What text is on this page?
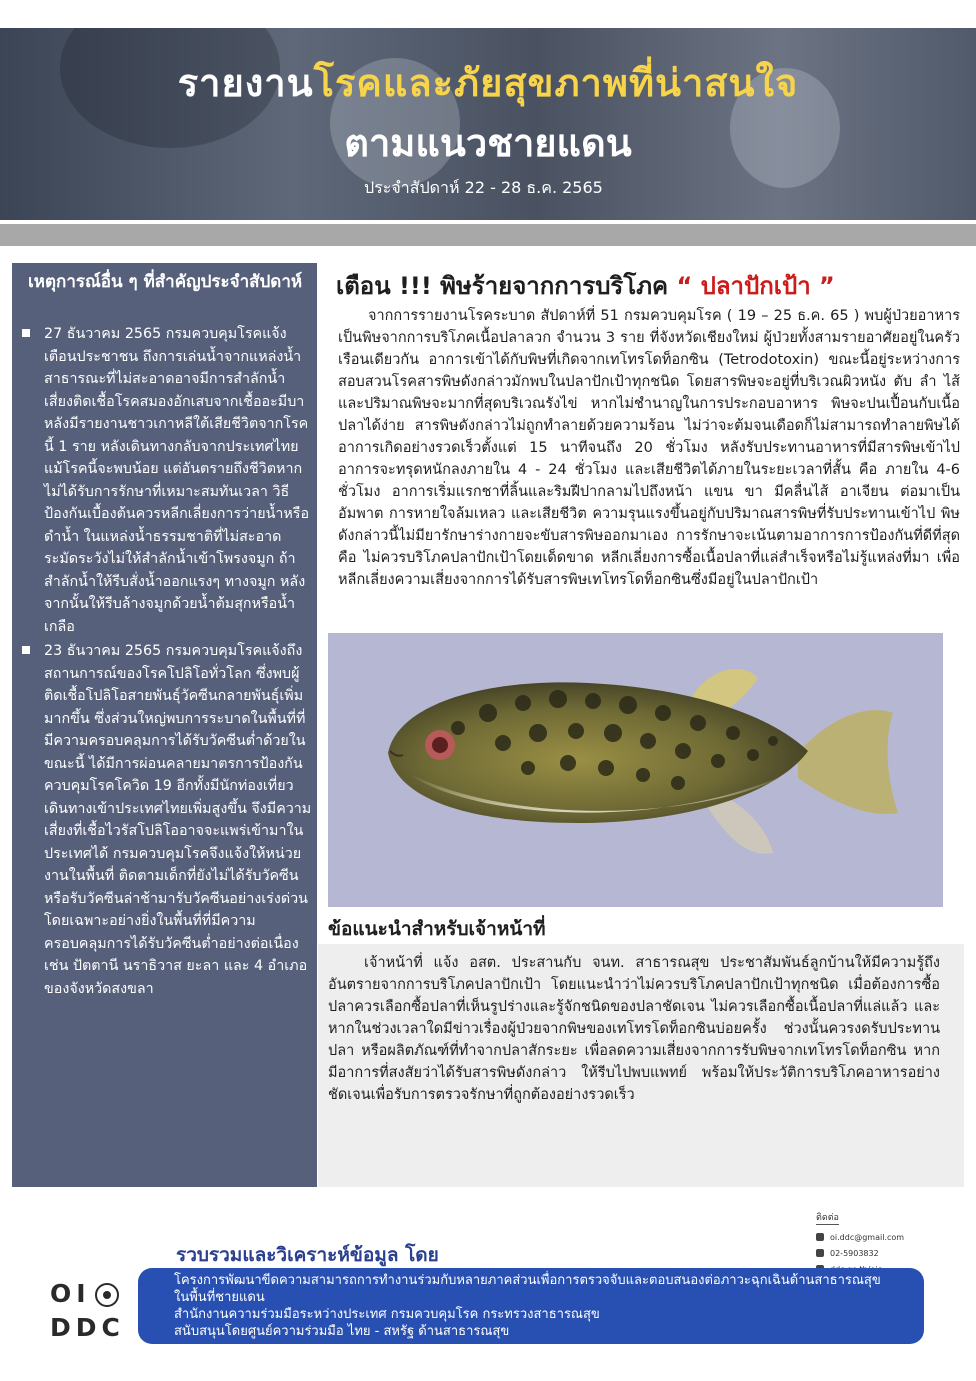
รายงานโรคและภัยสุขภาพที่น่าสนใจ
ตามแนวชายแดน
ประจำสัปดาห์ 22 - 28 ธ.ค. 2565
เหตุการณ์อื่น ๆ ที่สำคัญประจำสัปดาห์
27 ธันวาคม 2565 กรมควบคุมโรคแจ้งเตือนประชาชน ถึงการเล่นน้ำจากแหล่งน้ำสาธารณะที่ไม่สะอาดอาจมีการสำลักน้ำ เสี่ยงติดเชื้อโรคสมองอักเสบจากเชื้ออะมีบา หลังมีรายงานชาวเกาหลีใต้เสียชีวิตจากโรคนี้ 1 ราย หลังเดินทางกลับจากประเทศไทย แม้โรคนี้จะพบน้อย แต่อันตรายถึงชีวิตหากไม่ได้รับการรักษาที่เหมาะสมทันเวลา วิธีป้องกันเบื้องต้นควรหลีกเลี่ยงการว่ายน้ำหรือดำน้ำ ในแหล่งน้ำธรรมชาติที่ไม่สะอาด ระมัดระวังไม่ให้สำลักน้ำเข้าโพรงจมูก ถ้าสำลักน้ำให้รีบสั่งน้ำออกแรงๆ ทางจมูก หลังจากนั้นให้รีบล้างจมูกด้วยน้ำต้มสุกหรือน้ำเกลือ
23 ธันวาคม 2565 กรมควบคุมโรคแจ้งถึงสถานการณ์ของโรคโปลิโอทั่วโลก ซึ่งพบผู้ติดเชื้อโปลิโอสายพันธุ์วัคซีนกลายพันธุ์เพิ่มมากขึ้น ซึ่งส่วนใหญ่พบการระบาดในพื้นที่ที่มีความครอบคลุมการได้รับวัคซีนต่ำด้วยในขณะนี้ ได้มีการผ่อนคลายมาตรการป้องกันควบคุมโรคโควิด 19 อีกทั้งมีนักท่องเที่ยวเดินทางเข้าประเทศไทยเพิ่มสูงขึ้น จึงมีความเสี่ยงที่เชื้อไวรัสโปลิโออาจจะแพร่เข้ามาในประเทศได้ กรมควบคุมโรคจึงแจ้งให้หน่วยงานในพื้นที่ ติดตามเด็กที่ยังไม่ได้รับวัคซีนหรือรับวัคซีนล่าช้ามารับวัคซีนอย่างเร่งด่วน โดยเฉพาะอย่างยิ่งในพื้นที่ที่มีความครอบคลุมการได้รับวัคซีนต่ำอย่างต่อเนื่อง เช่น ปัตตานี นราธิวาส ยะลา และ 4 อำเภอของจังหวัดสงขลา
เตือน !!! พิษร้ายจากการบริโภค “ ปลาปักเป้า ”

จากการรายงานโรคระบาด สัปดาห์ที่ 51 กรมควบคุมโรค ( 19 – 25 ธ.ค. 65 ) พบผู้ป่วยอาหารเป็นพิษจากการบริโภคเนื้อปลาลวก จำนวน 3 ราย ที่จังหวัดเชียงใหม่ ผู้ป่วยทั้งสามรายอาศัยอยู่ในครัวเรือนเดียวกัน อาการเข้าได้กับพิษที่เกิดจากเทโทรโดท็อกซิน (Tetrodotoxin) ขณะนี้อยู่ระหว่างการสอบสวนโรคสารพิษดังกล่าวมักพบในปลาปักเป้าทุกชนิด โดยสารพิษจะอยู่ที่บริเวณผิวหนัง ตับ ลำ ไส้ และปริมาณพิษจะมากที่สุดบริเวณรังไข่ หากไม่ชำนาญในการประกอบอาหาร พิษจะปนเปื้อนกับเนื้อปลาได้ง่าย สารพิษดังกล่าวไม่ถูกทำลายด้วยความร้อน ไม่ว่าจะต้มจนเดือดก็ไม่สามารถทำลายพิษได้ อาการเกิดอย่างรวดเร็วตั้งแต่ 15 นาทีจนถึง 20 ชั่วโมง หลังรับประทานอาหารที่มีสารพิษเข้าไป อาการจะทรุดหนักลงภายใน 4 - 24 ชั่วโมง และเสียชีวิตได้ภายในระยะเวลาที่สั้น คือ ภายใน 4-6 ชั่วโมง อาการเริ่มแรกชาที่ลิ้นและริมฝีปากลามไปถึงหน้า แขน ขา มีคลื่นไส้ อาเจียน ต่อมาเป็นอัมพาต การหายใจล้มเหลว และเสียชีวิต ความรุนแรงขึ้นอยู่กับปริมาณสารพิษที่รับประทานเข้าไป พิษดังกล่าวนี้ไม่มียารักษาร่างกายจะขับสารพิษออกมาเอง การรักษาจะเน้นตามอาการการป้องกันที่ดีที่สุด คือ ไม่ควรบริโภคปลาปักเป้าโดยเด็ดขาด หลีกเลี่ยงการซื้อเนื้อปลาที่แล่สำเร็จหรือไม่รู้แหล่งที่มา เพื่อหลีกเลี่ยงความเสี่ยงจากการได้รับสารพิษเทโทรโดท็อกซินซึ่งมีอยู่ในปลาปักเป้า

ข้อแนะนำสำหรับเจ้าหน้าที่

เจ้าหน้าที่ แจ้ง อสต. ประสานกับ จนท. สาธารณสุข ประชาสัมพันธ์ลูกบ้านให้มีความรู้ถึงอันตรายจากการบริโภคปลาปักเป้า โดยแนะนำว่าไม่ควรบริโภคปลาปักเป้าทุกชนิด เมื่อต้องการซื้อปลาควรเลือกซื้อปลาที่เห็นรูปร่างและรู้จักชนิดของปลาชัดเจน ไม่ควรเลือกซื้อเนื้อปลาที่แล่แล้ว และหากในช่วงเวลาใดมีข่าวเรื่องผู้ป่วยจากพิษของเทโทรโดท็อกซินบ่อยครั้ง ช่วงนั้นควรงดรับประทานปลา หรือผลิตภัณฑ์ที่ทำจากปลาสักระยะ เพื่อลดความเสี่ยงจากการรับพิษจากเทโทรโดท็อกซิน หากมีอาการที่สงสัยว่าได้รับสารพิษดังกล่าว ให้รีบไปพบแพทย์ พร้อมให้ประวัติการบริโภคอาหารอย่างชัดเจนเพื่อรับการตรวจรักษาที่ถูกต้องอย่างรวดเร็ว

ติดต่อ
oi.ddc@gmail.com
02-5903832
รวบรวมและวิเคราะห์ข้อมูล โดย
OI
DDC

โครงการพัฒนาขีดความสามารถการทำงานร่วมกับหลายภาคส่วนเพื่อการตรวจจับและตอบสนองต่อภาวะฉุกเฉินด้านสาธารณสุข

ในพื้นที่ชายแดน

สำนักงานความร่วมมือระหว่างประเทศ กรมควบคุมโรค กระทรวงสาธารณสุข

สนับสนุนโดยศูนย์ความร่วมมือ ไทย - สหรัฐ ด้านสาธารณสุข
